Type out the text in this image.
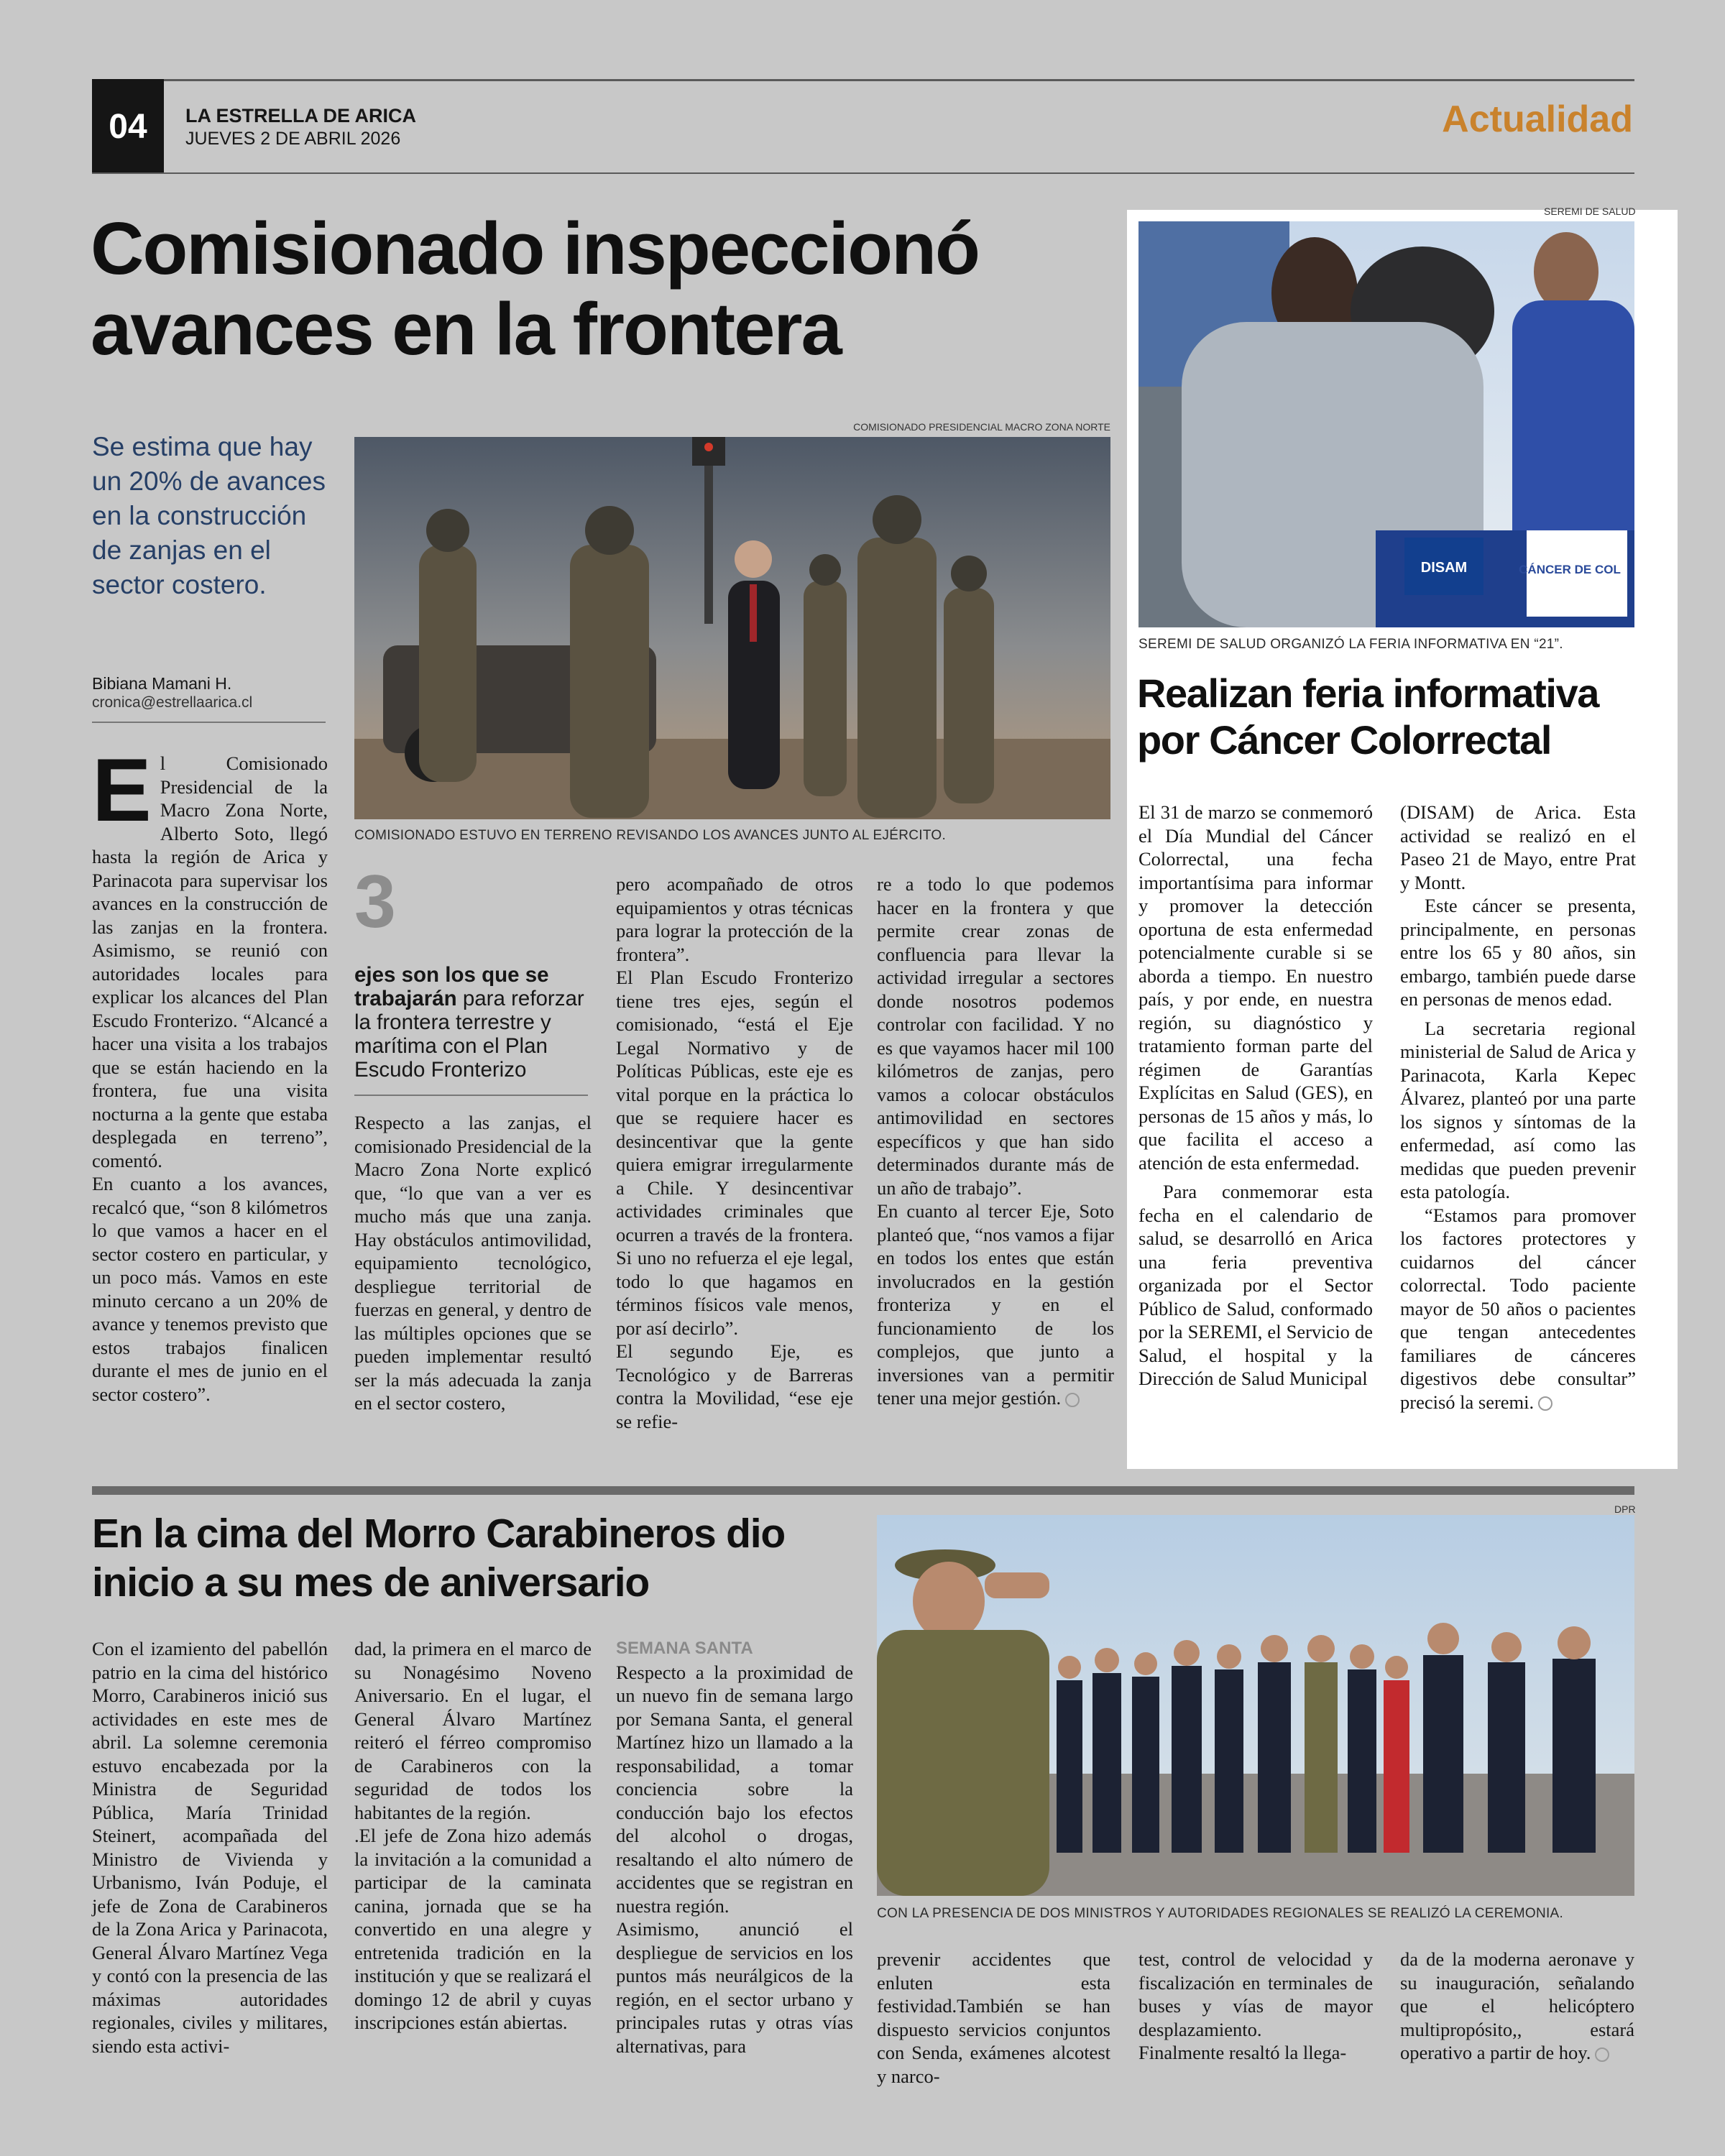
04	LA ESTRELLA DE ARICA
JUEVES 2 DE ABRIL 2026	Actualidad
Comisionado inspeccionó
avances en la frontera
Se estima que hay un 20% de avances en la construcción de zanjas en el sector costero.
Bibiana Mamani H.
cronica@estrellaarica.cl
COMISIONADO PRESIDENCIAL MACRO ZONA NORTE
COMISIONADO ESTUVO EN TERRENO REVISANDO LOS AVANCES JUNTO AL EJÉRCITO.
E l Comisionado Presidencial de la Macro Zona Norte, Alberto Soto, llegó hasta la región de Arica y Parinacota para supervisar los avances en la construcción de las zanjas en la frontera. Asimismo, se reunió con autoridades locales para explicar los alcances del Plan Escudo Fronterizo. “Alcancé a hacer una visita a los trabajos que se están haciendo en la frontera, fue una visita nocturna a la gente que estaba desplegada en terreno”, comentó.

En cuanto a los avances, recalcó que, “son 8 kilómetros lo que vamos a hacer en el sector costero en particular, y un poco más. Vamos en este minuto cercano a un 20% de avance y tenemos previsto que estos trabajos finalicen durante el mes de junio en el sector costero”.

3
ejes son los que se trabajarán para reforzar la frontera terrestre y marítima con el Plan Escudo Fronterizo

Respecto a las zanjas, el comisionado Presidencial de la Macro Zona Norte explicó que, “lo que van a ver es mucho más que una zanja. Hay obstáculos antimovilidad, equipamiento tecnológico, despliegue territorial de fuerzas en general, y dentro de las múltiples opciones que se pueden implementar resultó ser la más adecuada la zanja en el sector costero,

pero acompañado de otros equipamientos y otras técnicas para lograr la protección de la frontera”.

El Plan Escudo Fronterizo tiene tres ejes, según el comisionado, “está el Eje Legal Normativo y de Políticas Públicas, este eje es vital porque en la práctica lo que se requiere hacer es desincentivar que la gente quiera emigrar irregularmente a Chile. Y desincentivar actividades criminales que ocurren a través de la frontera. Si uno no refuerza el eje legal, todo lo que hagamos en términos físicos vale menos, por así decirlo”.

El segundo Eje, es Tecnológico y de Barreras contra la Movilidad, “ese eje se refie-

re a todo lo que podemos hacer en la frontera y que permite crear zonas de confluencia para llevar la actividad irregular a sectores donde nosotros podemos controlar con facilidad. Y no es que vayamos hacer mil 100 kilómetros de zanjas, pero vamos a colocar obstáculos antimovilidad en sectores específicos y que han sido determinados durante más de un año de trabajo”.

En cuanto al tercer Eje, Soto planteó que, “nos vamos a fijar en todos los entes que están involucrados en la gestión fronteriza y en el funcionamiento de los complejos, que junto a inversiones van a permitir tener una mejor gestión.

SEREMI DE SALUD
CÁNCER DE COL
DISAM
SEREMI DE SALUD ORGANIZÓ LA FERIA INFORMATIVA EN “21”.
Realizan feria informativa
por Cáncer Colorrectal

El 31 de marzo se conmemoró el Día Mundial del Cáncer Colorrectal, una fecha importantísima para informar y promover la detección oportuna de esta enfermedad potencialmente curable si se aborda a tiempo. En nuestro país, y por ende, en nuestra región, su diagnóstico y tratamiento forman parte del régimen de Garantías Explícitas en Salud (GES), en personas de 15 años y más, lo que facilita el acceso a atención de esta enfermedad.

Para conmemorar esta fecha en el calendario de salud, se desarrolló en Arica una feria preventiva organizada por el Sector Público de Salud, conformado por la SEREMI, el Servicio de Salud, el hospital y la Dirección de Salud Municipal

(DISAM) de Arica. Esta actividad se realizó en el Paseo 21 de Mayo, entre Prat y Montt.

Este cáncer se presenta, principalmente, en personas entre los 65 y 80 años, sin embargo, también puede darse en personas de menos edad.

La secretaria regional ministerial de Salud de Arica y Parinacota, Karla Kepec Álvarez, planteó por una parte los signos y síntomas de la enfermedad, así como las medidas que pueden prevenir esta patología.

“Estamos para promover los factores protectores y cuidarnos del cáncer colorrectal. Todo paciente mayor de 50 años o pacientes que tengan antecedentes familiares de cánceres digestivos debe consultar” precisó la seremi.

En la cima del Morro Carabineros dio
inicio a su mes de aniversario
DPR
CON LA PRESENCIA DE DOS MINISTROS Y AUTORIDADES REGIONALES SE REALIZÓ LA CEREMONIA.

Con el izamiento del pabellón patrio en la cima del histórico Morro, Carabineros inició sus actividades en este mes de abril. La solemne ceremonia estuvo encabezada por la Ministra de Seguridad Pública, María Trinidad Steinert, acompañada del Ministro de Vivienda y Urbanismo, Iván Poduje, el jefe de Zona de Carabineros de la Zona Arica y Parinacota, General Álvaro Martínez Vega y contó con la presencia de las máximas autoridades regionales, civiles y militares, siendo esta activi-

dad, la primera en el marco de su Nonagésimo Noveno Aniversario. En el lugar, el General Álvaro Martínez reiteró el férreo compromiso de Carabineros con la seguridad de todos los habitantes de la región.

.El jefe de Zona hizo además la invitación a la comunidad a participar de la caminata canina, jornada que se ha convertido en una alegre y entretenida tradición en la institución y que se realizará el domingo 12 de abril y cuyas inscripciones están abiertas.

SEMANA SANTA

Respecto a la proximidad de un nuevo fin de semana largo por Semana Santa, el general Martínez hizo un llamado a la responsabilidad, a tomar conciencia sobre la conducción bajo los efectos del alcohol o drogas, resaltando el alto número de accidentes que se registran en nuestra región.

Asimismo, anunció el despliegue de servicios en los puntos más neurálgicos de la región, en el sector urbano y principales rutas y otras vías alternativas, para

prevenir accidentes que enluten esta festividad.También se han dispuesto servicios conjuntos con Senda, exámenes alcotest y narco-

test, control de velocidad y fiscalización en terminales de buses y vías de mayor desplazamiento.

Finalmente resaltó la llega-

da de la moderna aeronave y su inauguración, señalando que el helicóptero multipropósito,, estará operativo a partir de hoy.
